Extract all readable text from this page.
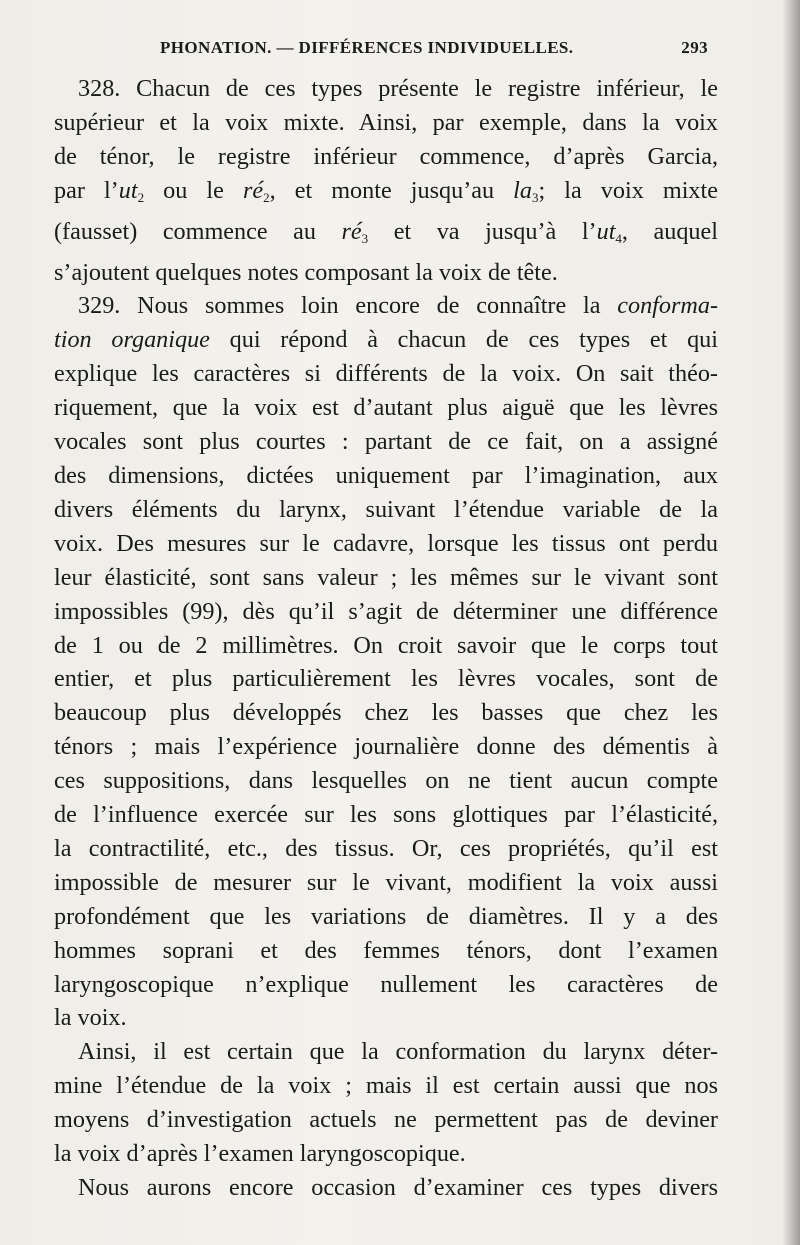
PHONATION. — DIFFÉRENCES INDIVIDUELLES.	293

328. Chacun de ces types présente le registre inférieur, le

supérieur et la voix mixte. Ainsi, par exemple, dans la voix

de ténor, le registre inférieur commence, d’après Garcia,

par $l’ut_2$ ou le $ré_2$, et monte jusqu’au $la_3$; la voix mixte

(fausset) commence au $ré_3$ et va jusqu’à $l’ut_4$, auquel

s’ajoutent quelques notes composant la voix de tête.

329. Nous sommes loin encore de connaître la conforma-

tion organique qui répond à chacun de ces types et qui

explique les caractères si différents de la voix. On sait théo-

riquement, que la voix est d’autant plus aiguë que les lèvres

vocales sont plus courtes : partant de ce fait, on a assigné

des dimensions, dictées uniquement par l’imagination, aux

divers éléments du larynx, suivant l’étendue variable de la

voix. Des mesures sur le cadavre, lorsque les tissus ont perdu

leur élasticité, sont sans valeur ; les mêmes sur le vivant sont

impossibles (99), dès qu’il s’agit de déterminer une différence

de 1 ou de 2 millimètres. On croit savoir que le corps tout

entier, et plus particulièrement les lèvres vocales, sont de

beaucoup plus développés chez les basses que chez les

ténors ; mais l’expérience journalière donne des démentis à

ces suppositions, dans lesquelles on ne tient aucun compte

de l’influence exercée sur les sons glottiques par l’élasticité,

la contractilité, etc., des tissus. Or, ces propriétés, qu’il est

impossible de mesurer sur le vivant, modifient la voix aussi

profondément que les variations de diamètres. Il y a des

hommes soprani et des femmes ténors, dont l’examen

laryngoscopique n’explique nullement les caractères de

la voix.

Ainsi, il est certain que la conformation du larynx déter-

mine l’étendue de la voix ; mais il est certain aussi que nos

moyens d’investigation actuels ne permettent pas de deviner

la voix d’après l’examen laryngoscopique.

Nous aurons encore occasion d’examiner ces types divers
